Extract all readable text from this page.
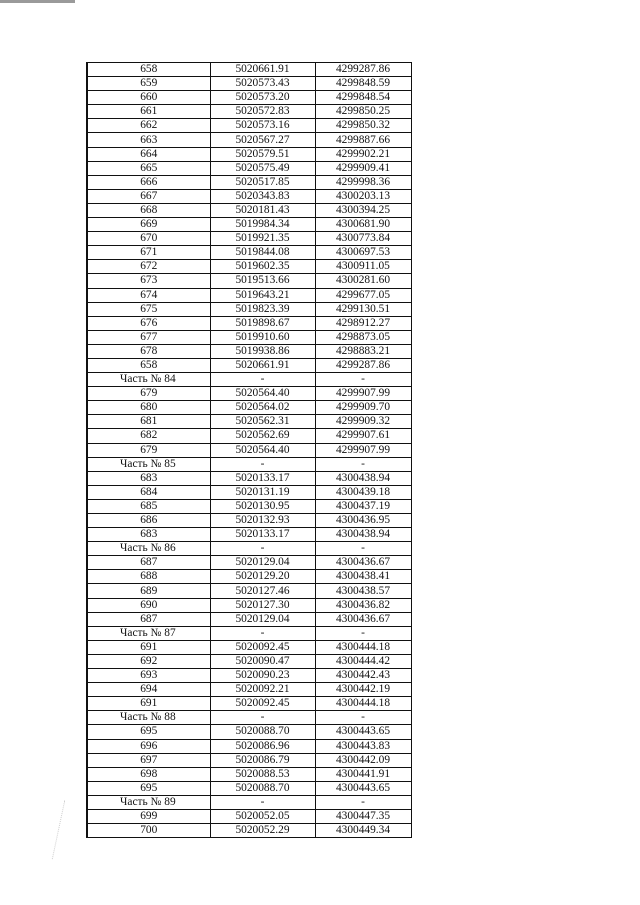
658	5020661.91	4299287.86
659	5020573.43	4299848.59
660	5020573.20	4299848.54
661	5020572.83	4299850.25
662	5020573.16	4299850.32
663	5020567.27	4299887.66
664	5020579.51	4299902.21
665	5020575.49	4299909.41
666	5020517.85	4299998.36
667	5020343.83	4300203.13
668	5020181.43	4300394.25
669	5019984.34	4300681.90
670	5019921.35	4300773.84
671	5019844.08	4300697.53
672	5019602.35	4300911.05
673	5019513.66	4300281.60
674	5019643.21	4299677.05
675	5019823.39	4299130.51
676	5019898.67	4298912.27
677	5019910.60	4298873.05
678	5019938.86	4298883.21
658	5020661.91	4299287.86
Часть № 84	-	-
679	5020564.40	4299907.99
680	5020564.02	4299909.70
681	5020562.31	4299909.32
682	5020562.69	4299907.61
679	5020564.40	4299907.99
Часть № 85	-	-
683	5020133.17	4300438.94
684	5020131.19	4300439.18
685	5020130.95	4300437.19
686	5020132.93	4300436.95
683	5020133.17	4300438.94
Часть № 86	-	-
687	5020129.04	4300436.67
688	5020129.20	4300438.41
689	5020127.46	4300438.57
690	5020127.30	4300436.82
687	5020129.04	4300436.67
Часть № 87	-	-
691	5020092.45	4300444.18
692	5020090.47	4300444.42
693	5020090.23	4300442.43
694	5020092.21	4300442.19
691	5020092.45	4300444.18
Часть № 88	-	-
695	5020088.70	4300443.65
696	5020086.96	4300443.83
697	5020086.79	4300442.09
698	5020088.53	4300441.91
695	5020088.70	4300443.65
Часть № 89	-	-
699	5020052.05	4300447.35
700	5020052.29	4300449.34
